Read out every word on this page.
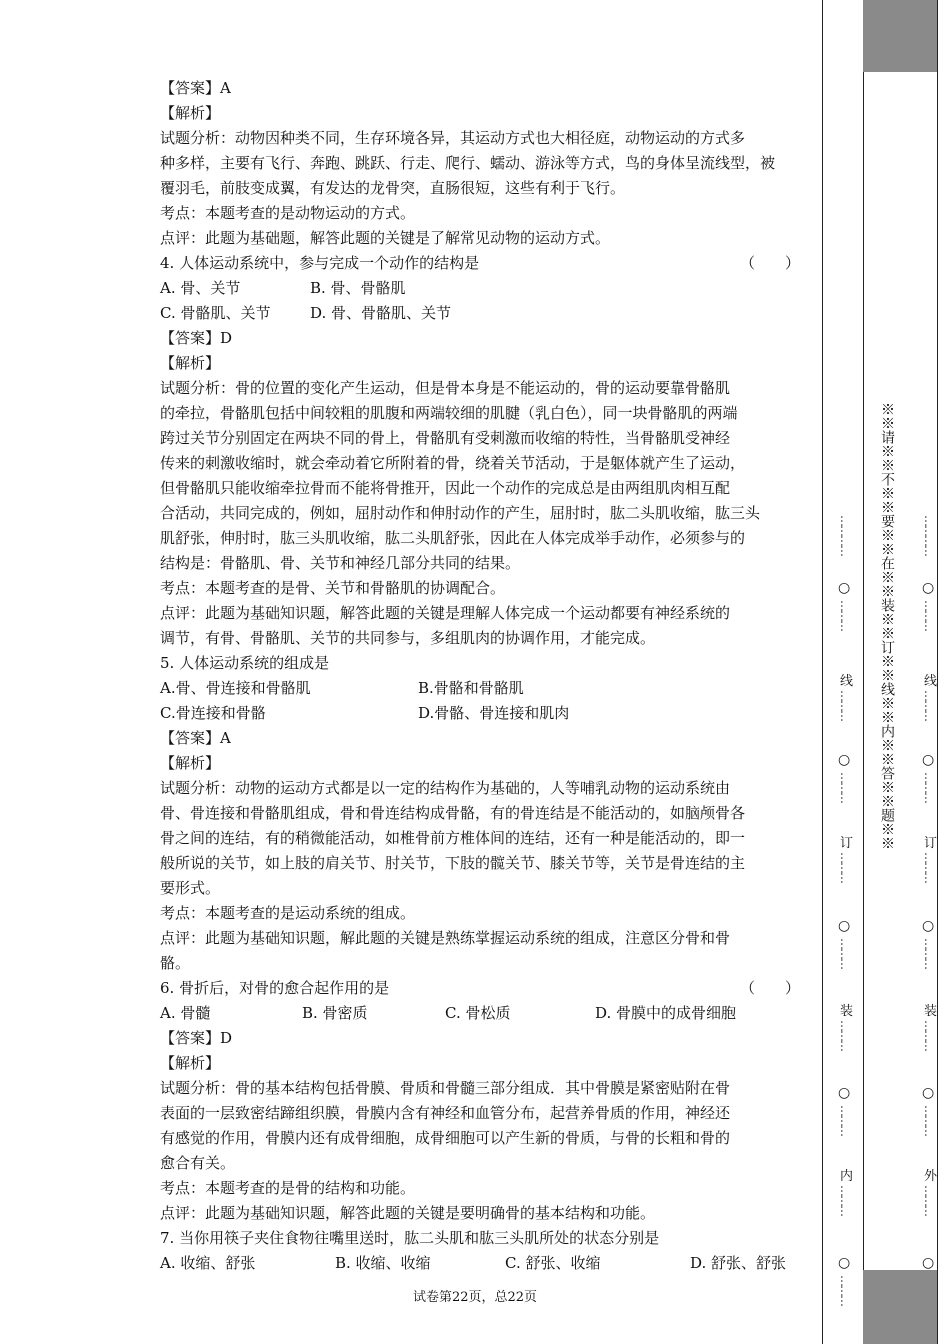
【答案】A
【解析】
试题分析：动物因种类不同，生存环境各异，其运动方式也大相径庭，动物运动的方式多
种多样，主要有飞行、奔跑、跳跃、行走、爬行、蠕动、游泳等方式，鸟的身体呈流线型，被
覆羽毛，前肢变成翼，有发达的龙骨突，直肠很短，这些有利于飞行。
考点：本题考查的是动物运动的方式。
点评：此题为基础题，解答此题的关键是了解常见动物的运动方式。
4. 人体运动系统中，参与完成一个动作的结构是	（　　）
A. 骨、关节	B. 骨、骨骼肌
C. 骨骼肌、关节	D. 骨、骨骼肌、关节
【答案】D
【解析】
试题分析：骨的位置的变化产生运动，但是骨本身是不能运动的，骨的运动要靠骨骼肌
的牵拉，骨骼肌包括中间较粗的肌腹和两端较细的肌腱（乳白色），同一块骨骼肌的两端
跨过关节分别固定在两块不同的骨上，骨骼肌有受刺激而收缩的特性，当骨骼肌受神经
传来的刺激收缩时，就会牵动着它所附着的骨，绕着关节活动，于是躯体就产生了运动，
但骨骼肌只能收缩牵拉骨而不能将骨推开，因此一个动作的完成总是由两组肌肉相互配
合活动，共同完成的，例如，屈肘动作和伸肘动作的产生，屈肘时，肱二头肌收缩，肱三头
肌舒张，伸肘时，肱三头肌收缩，肱二头肌舒张，因此在人体完成举手动作，必须参与的
结构是：骨骼肌、骨、关节和神经几部分共同的结果。
考点：本题考查的是骨、关节和骨骼肌的协调配合。
点评：此题为基础知识题，解答此题的关键是理解人体完成一个运动都要有神经系统的
调节，有骨、骨骼肌、关节的共同参与，多组肌肉的协调作用，才能完成。
5. 人体运动系统的组成是
A.骨、骨连接和骨骼肌	B.骨骼和骨骼肌
C.骨连接和骨骼	D.骨骼、骨连接和肌肉
【答案】A
【解析】
试题分析：动物的运动方式都是以一定的结构作为基础的，人等哺乳动物的运动系统由
骨、骨连接和骨骼肌组成，骨和骨连结构成骨骼，有的骨连结是不能活动的，如脑颅骨各
骨之间的连结，有的稍微能活动，如椎骨前方椎体间的连结，还有一种是能活动的，即一
般所说的关节，如上肢的肩关节、肘关节，下肢的髋关节、膝关节等，关节是骨连结的主
要形式。
考点：本题考查的是运动系统的组成。
点评：此题为基础知识题，解此题的关键是熟练掌握运动系统的组成，注意区分骨和骨
骼。
6. 骨折后，对骨的愈合起作用的是	（　　）
A. 骨髓	B. 骨密质	C. 骨松质	D. 骨膜中的成骨细胞
【答案】D
【解析】
试题分析：骨的基本结构包括骨膜、骨质和骨髓三部分组成．其中骨膜是紧密贴附在骨
表面的一层致密结蹄组织膜，骨膜内含有神经和血管分布，起营养骨质的作用，神经还
有感觉的作用，骨膜内还有成骨细胞，成骨细胞可以产生新的骨质，与骨的长粗和骨的
愈合有关。
考点：本题考查的是骨的结构和功能。
点评：此题为基础知识题，解答此题的关键是要明确骨的基本结构和功能。
7. 当你用筷子夹住食物往嘴里送时，肱二头肌和肱三头肌所处的状态分别是
A. 收缩、舒张	B. 收缩、收缩	C. 舒张、收缩	D. 舒张、舒张
试卷第22页，总22页
※※请※※不※※要※※在※※装※※订※※线※※内※※答※※题※※
…………
○
………
线
………
○
………
订
………
○
………
装
………
○
………
内
………
○
………
…………
○
………
线
………
○
………
订
………
○
………
装
………
○
………
外
………
○
